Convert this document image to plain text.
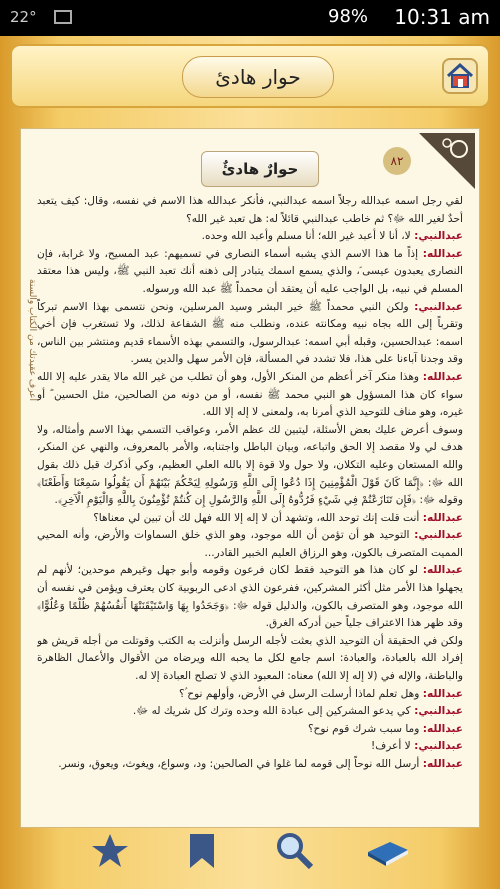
22°	98% 10:31 am
حوار هادئ
٨٢
اعرف عقيدتك من الكتاب والسنة
حوارٌ هادئٌ

لقي رجل اسمه عبدالله رجلاً اسمه عبدالنبي، فأنكر عبدالله هذا الاسم في نفسه، وقال: كيف يتعبد أحدٌ لغير الله ﷻ؟ ثم خاطب عبدالنبي قائلاً له: هل تعبد غير الله؟

عبدالنبي: لا، أنا لا أعبد غير الله؛ أنا مسلم وأعبد الله وحده.

عبدالله: إذاً ما هذا الاسم الذي يشبه أسماء النصارى في تسميهم: عبد المسيح، ولا غرابة، فإن النصارى يعبدون عيسى ؑ، والذي يسمع اسمك يتبادر إلى ذهنه أنك تعبد النبي ﷺ، وليس هذا معتقد المسلم في نبيه، بل الواجب عليه أن يعتقد أن محمداً ﷺ عبد الله ورسوله.

عبدالنبي: ولكن النبي محمداً ﷺ خير البشر وسيد المرسلين، ونحن نتسمى بهذا الاسم تبركاً وتقرباً إلى الله بجاه نبيه ومكانته عنده، ونطلب منه ﷺ الشفاعة لذلك، ولا تستغرب فإن أخي اسمه: عبدالحسين، وقبله أبي اسمه: عبدالرسول، والتسمي بهذه الأسماء قديم ومنتشر بين الناس، وقد وجدنا آباءنا على هذا، فلا تشدد في المسألة، فإن الأمر سهل والدين يسر.

عبدالله: وهذا منكر آخر أعظم من المنكر الأول، وهو أن تطلب من غير الله مالا يقدر عليه إلا الله سواء كان هذا المسؤول هو النبي محمد ﷺ نفسه، أو من دونه من الصالحين، مثل الحسين ؓ أو غيره، وهو مناف للتوحيد الذي أمرنا به، ولمعنى لا إله إلا الله.

وسوف أعرض عليك بعض الأسئلة، ليتبين لك عظم الأمر، وعواقب التسمي بهذا الاسم وأمثاله، ولا هدف لي ولا مقصد إلا الحق واتباعه، وبيان الباطل واجتنابه، والأمر بالمعروف، والنهي عن المنكر، والله المستعان وعليه التكلان، ولا حول ولا قوة إلا بالله العلي العظيم، وكي أذكرك قبل ذلك بقول الله ﷻ: ﴿إِنَّمَا كَانَ قَوْلَ الْمُؤْمِنِينَ إِذَا دُعُوا إِلَى اللَّهِ وَرَسُولِهِ لِيَحْكُمَ بَيْنَهُمْ أَن يَقُولُوا سَمِعْنَا وَأَطَعْنَا﴾ وقوله ﷻ: ﴿فَإِن تَنَازَعْتُمْ فِي شَيْءٍ فَرُدُّوهُ إِلَى اللَّهِ وَالرَّسُولِ إِن كُنتُمْ تُؤْمِنُونَ بِاللَّهِ وَالْيَوْمِ الْآخِرِ﴾.

عبدالله: أنت قلت إنك توحد الله، وتشهد أن لا إله إلا الله فهل لك أن تبين لي معناها؟

عبدالنبي: التوحيد هو أن تؤمن أن الله موجود، وهو الذي خلق السماوات والأرض، وأنه المحيي المميت المتصرف بالكون، وهو الرزاق العليم الخبير القادر...

عبدالله: لو كان هذا هو التوحيد فقط لكان فرعون وقومه وأبو جهل وغيرهم موحدين؛ لأنهم لم يجهلوا هذا الأمر مثل أكثر المشركين، ففرعون الذي ادعى الربوبية كان يعترف ويؤمن في نفسه أن الله موجود، وهو المتصرف بالكون، والدليل قوله ﷻ: ﴿وَجَحَدُوا بِهَا وَاسْتَيْقَنَتْهَا أَنفُسُهُمْ ظُلْمًا وَعُلُوًّا﴾ وقد ظهر هذا الاعتراف جلياً حين أدركه الغرق.

ولكن في الحقيقة أن التوحيد الذي بعثت لأجله الرسل وأنزلت به الكتب وقوتلت من أجله قريش هو إفراد الله بالعبادة، والعبادة: اسم جامع لكل ما يحبه الله ويرضاه من الأقوال والأعمال الظاهرة والباطنة، والإله في (لا إله إلا الله) معناه: المعبود الذي لا تصلح العبادة إلا له.

عبدالله: وهل تعلم لماذا أرسلت الرسل في الأرض، وأولهم نوح ؑ؟

عبدالنبي: كي يدعو المشركين إلى عبادة الله وحده وترك كل شريك له ﷻ.

عبدالله: وما سبب شرك قوم نوح؟

عبدالنبي: لا أعرف!

عبدالله: أرسل الله نوحاً إلى قومه لما غلوا في الصالحين: ود، وسواع، ويغوث، ويعوق، ونسر.
